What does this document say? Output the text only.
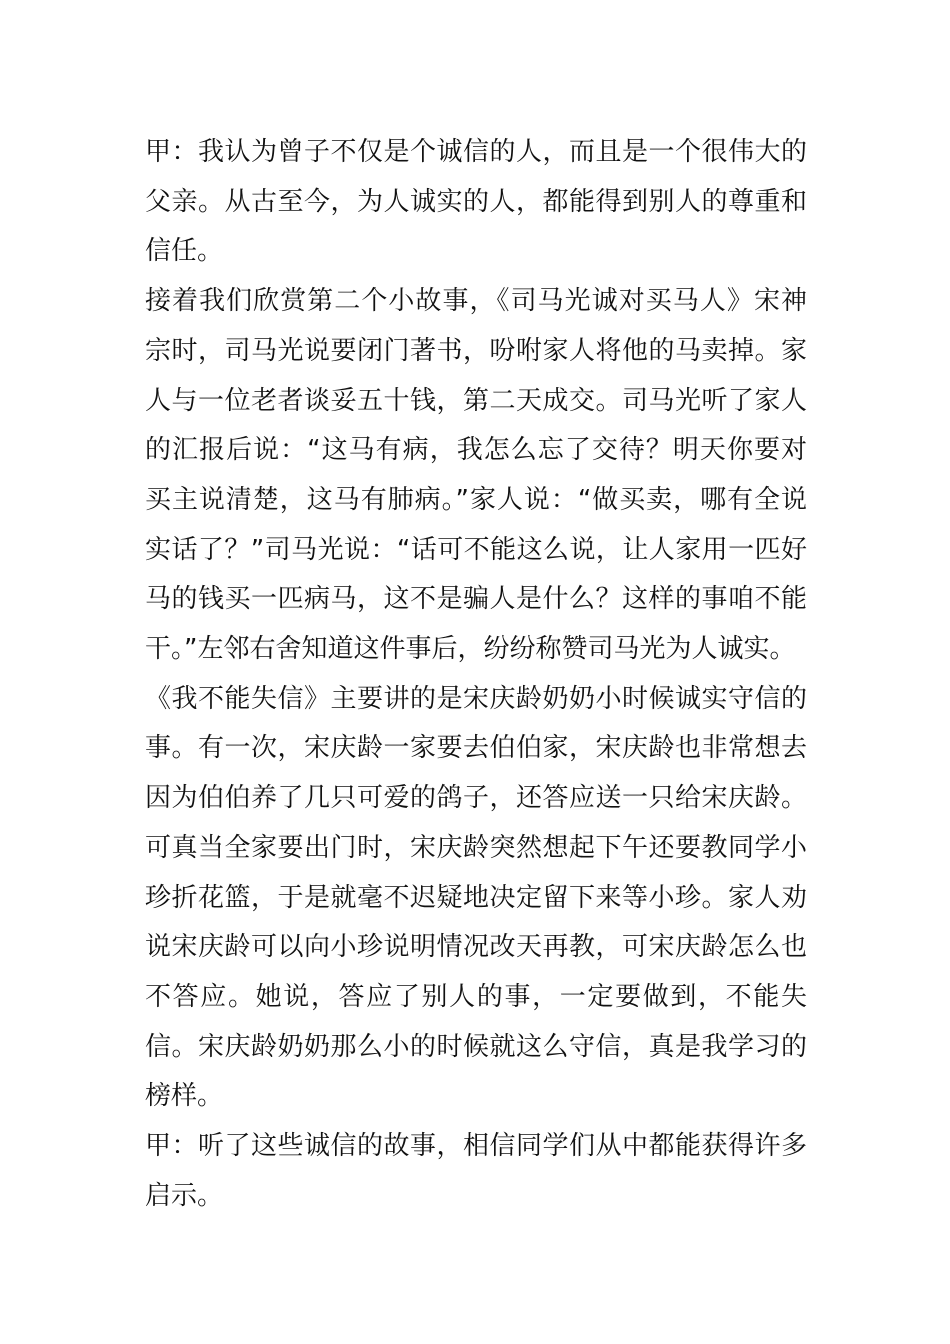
甲：我认为曾子不仅是个诚信的人，而且是一个很伟大的父亲。从古至今，为人诚实的人，都能得到别人的尊重和信任。

接着我们欣赏第二个小故事，《司马光诚对买马人》宋神宗时，司马光说要闭门著书，吩咐家人将他的马卖掉。家人与一位老者谈妥五十钱，第二天成交。司马光听了家人的汇报后说：“这马有病，我怎么忘了交待？明天你要对买主说清楚，这马有肺病。”家人说：“做买卖，哪有全说实话了？”司马光说：“话可不能这么说，让人家用一匹好马的钱买一匹病马，这不是骗人是什么？这样的事咱不能干。”左邻右舍知道这件事后，纷纷称赞司马光为人诚实。

《我不能失信》主要讲的是宋庆龄奶奶小时候诚实守信的事。有一次，宋庆龄一家要去伯伯家，宋庆龄也非常想去因为伯伯养了几只可爱的鸽子，还答应送一只给宋庆龄。可真当全家要出门时，宋庆龄突然想起下午还要教同学小珍折花篮，于是就毫不迟疑地决定留下来等小珍。家人劝说宋庆龄可以向小珍说明情况改天再教，可宋庆龄怎么也不答应。她说，答应了别人的事，一定要做到，不能失信。宋庆龄奶奶那么小的时候就这么守信，真是我学习的榜样。

甲：听了这些诚信的故事，相信同学们从中都能获得许多启示。
